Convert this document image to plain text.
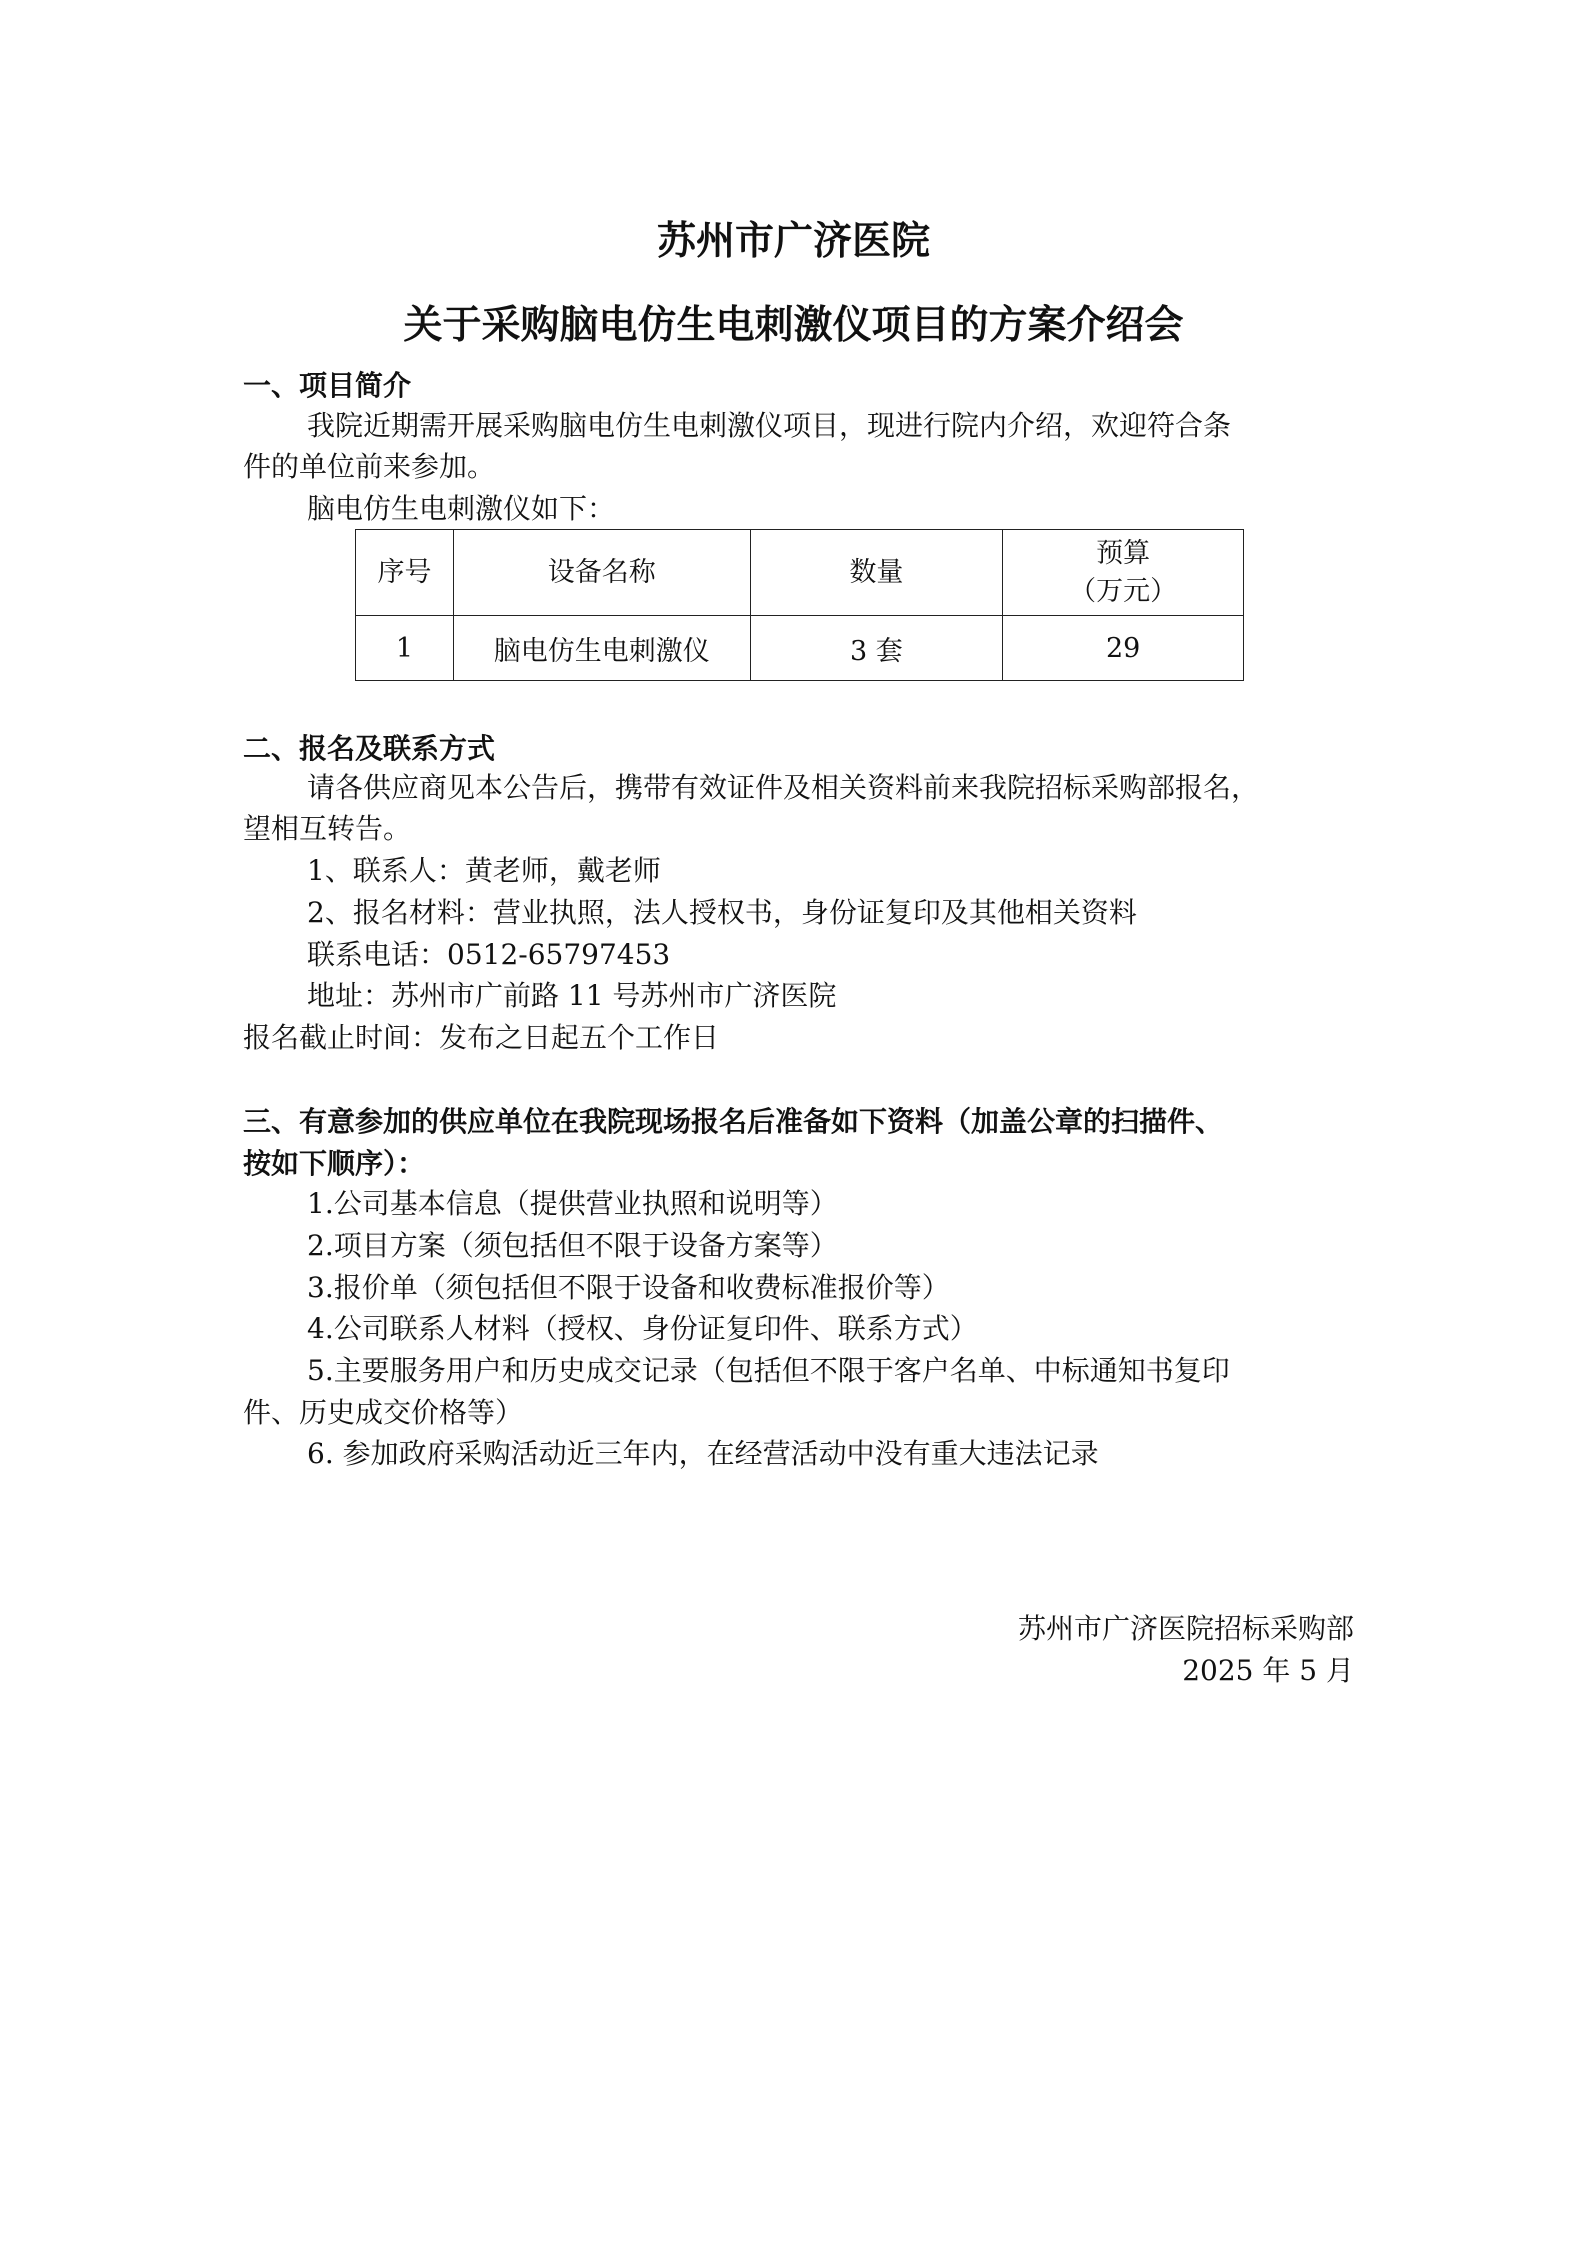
苏州市广济医院
关于采购脑电仿生电刺激仪项目的方案介绍会
一、项目简介
我院近期需开展采购脑电仿生电刺激仪项目，现进行院内介绍，欢迎符合条
件的单位前来参加。
脑电仿生电刺激仪如下：
序号	设备名称	数量	预算
（万元）

1	脑电仿生电刺激仪	3 套	29
二、报名及联系方式
请各供应商见本公告后，携带有效证件及相关资料前来我院招标采购部报名，
望相互转告。
1、联系人：黄老师，戴老师
2、报名材料：营业执照，法人授权书，身份证复印及其他相关资料
联系电话：0512-65797453
地址：苏州市广前路 11 号苏州市广济医院
报名截止时间：发布之日起五个工作日
三、有意参加的供应单位在我院现场报名后准备如下资料（加盖公章的扫描件、
按如下顺序）：
1.公司基本信息（提供营业执照和说明等）
2.项目方案（须包括但不限于设备方案等）
3.报价单（须包括但不限于设备和收费标准报价等）
4.公司联系人材料（授权、身份证复印件、联系方式）
5.主要服务用户和历史成交记录（包括但不限于客户名单、中标通知书复印
件、历史成交价格等）
6. 参加政府采购活动近三年内，在经营活动中没有重大违法记录
苏州市广济医院招标采购部
2025 年 5 月
